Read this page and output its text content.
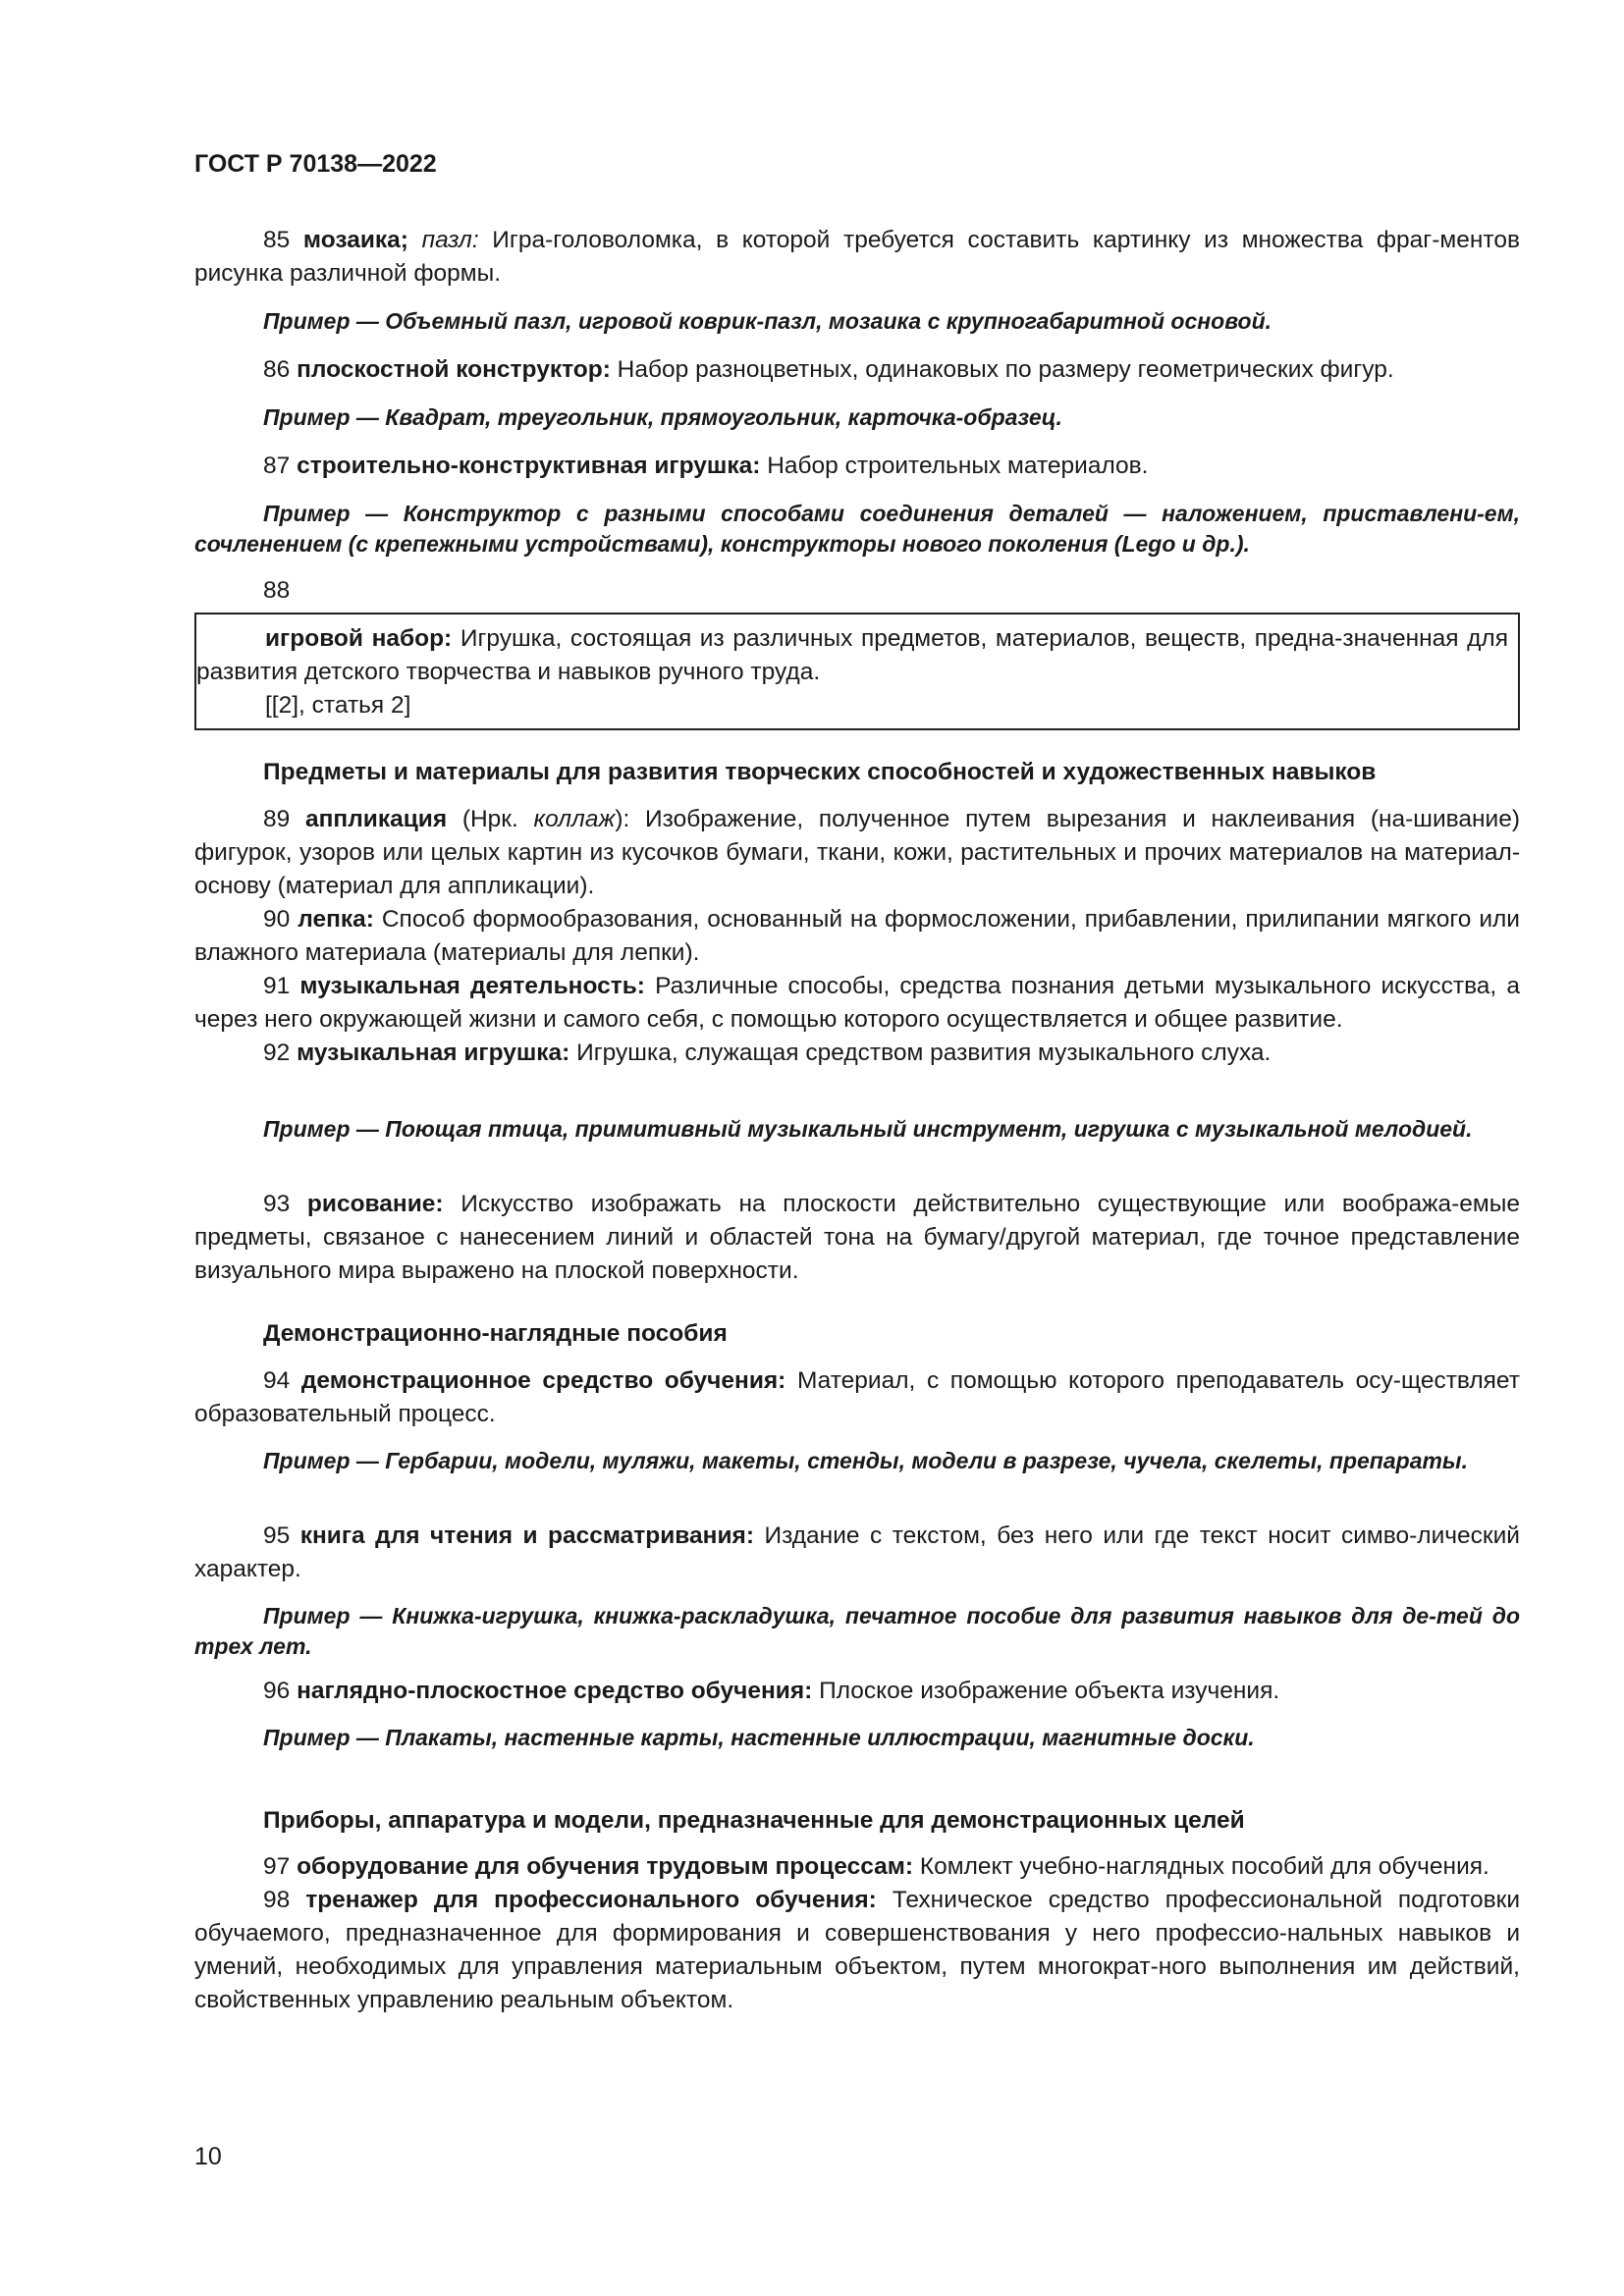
ГОСТ Р 70138—2022

85 мозаика; пазл: Игра-головоломка, в которой требуется составить картинку из множества фраг-ментов рисунка различной формы.

Пример — Объемный пазл, игровой коврик-пазл, мозаика с крупногабаритной основой.

86 плоскостной конструктор: Набор разноцветных, одинаковых по размеру геометрических фигур.

Пример — Квадрат, треугольник, прямоугольник, карточка-образец.

87 строительно-конструктивная игрушка: Набор строительных материалов.

Пример — Конструктор с разными способами соединения деталей — наложением, приставлени-ем, сочленением (с крепежными устройствами), конструкторы нового поколения (Lego и др.).

88

игровой набор: Игрушка, состоящая из различных предметов, материалов, веществ, предна-значенная для развития детского творчества и навыков ручного труда.

[[2], статья 2]

Предметы и материалы для развития творческих способностей и художественных навыков

89 аппликация (Нрк. коллаж): Изображение, полученное путем вырезания и наклеивания (на-шивание) фигурок, узоров или целых картин из кусочков бумаги, ткани, кожи, растительных и прочих материалов на материал-основу (материал для аппликации).

90 лепка: Способ формообразования, основанный на формосложении, прибавлении, прилипании мягкого или влажного материала (материалы для лепки).

91 музыкальная деятельность: Различные способы, средства познания детьми музыкального искусства, а через него окружающей жизни и самого себя, с помощью которого осуществляется и общее развитие.

92 музыкальная игрушка: Игрушка, служащая средством развития музыкального слуха.

Пример — Поющая птица, примитивный музыкальный инструмент, игрушка с музыкальной мелодией.

93 рисование: Искусство изображать на плоскости действительно существующие или вообража-емые предметы, связаное с нанесением линий и областей тона на бумагу/другой материал, где точное представление визуального мира выражено на плоской поверхности.

Демонстрационно-наглядные пособия

94 демонстрационное средство обучения: Материал, с помощью которого преподаватель осу-ществляет образовательный процесс.

Пример — Гербарии, модели, муляжи, макеты, стенды, модели в разрезе, чучела, скелеты, препараты.

95 книга для чтения и рассматривания: Издание с текстом, без него или где текст носит симво-лический характер.

Пример — Книжка-игрушка, книжка-раскладушка, печатное пособие для развития навыков для де-тей до трех лет.

96 наглядно-плоскостное средство обучения: Плоское изображение объекта изучения.

Пример — Плакаты, настенные карты, настенные иллюстрации, магнитные доски.

Приборы, аппаратура и модели, предназначенные для демонстрационных целей

97 оборудование для обучения трудовым процессам: Комлект учебно-наглядных пособий для обучения.

98 тренажер для профессионального обучения: Техническое средство профессиональной подготовки обучаемого, предназначенное для формирования и совершенствования у него профессио-нальных навыков и умений, необходимых для управления материальным объектом, путем многократ-ного выполнения им действий, свойственных управлению реальным объектом.

10
